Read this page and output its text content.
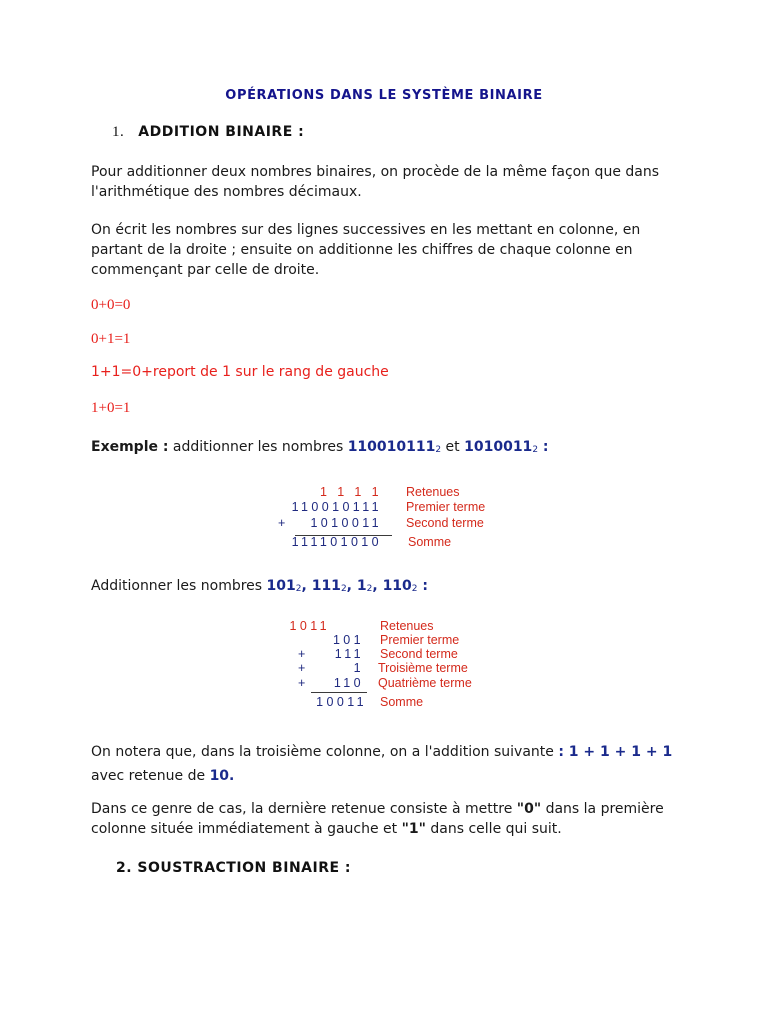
OPÉRATIONS DANS LE SYSTÈME BINAIRE
1. ADDITION BINAIRE :
Pour additionner deux nombres binaires, on procède de la même façon que dans l'arithmétique des nombres décimaux.
On écrit les nombres sur des lignes successives en les mettant en colonne, en partant de la droite ; ensuite on additionne les chiffres de chaque colonne en commençant par celle de droite.
0+0=0
0+1=1
1+1=0+report de 1 sur le rang de gauche
1+0=1
Exemple : additionner les nombres $110010111_2$ et $1010011_2$ :
1 1 1 1 Retenues
110010111 Premier terme
+ 1010011 Second terme
111101010 Somme
Additionner les nombres $101_2$, $111_2$, $1_2$, $110_2$ :
1011	Retenues
101 Premier terme
+ 111 Second terme
+	1 Troisième terme
+ 110 Quatrième terme
10011 Somme
On notera que, dans la troisième colonne, on a l'addition suivante : 1 + 1 + 1 + 1 avec retenue de 10.
Dans ce genre de cas, la dernière retenue consiste à mettre "0" dans la première colonne située immédiatement à gauche et "1" dans celle qui suit.
2. SOUSTRACTION BINAIRE :
